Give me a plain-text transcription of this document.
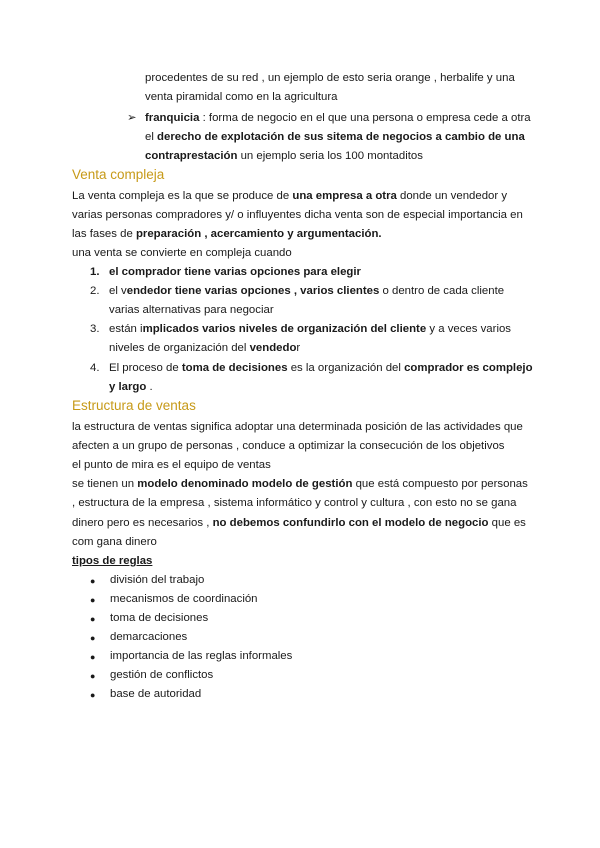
procedentes de su red , un ejemplo de esto seria orange , herbalife y una
venta piramidal como en la agricultura
➢ franquicia : forma de negocio en el que una persona o empresa cede a otra
el derecho de explotación de sus sitema de negocios a cambio de una
contraprestación un ejemplo seria los 100 montaditos
Venta compleja
La venta compleja es la que se produce de una empresa a otra donde un vendedor y
varias personas compradores y/ o influyentes dicha venta son de especial importancia en
las fases de preparación , acercamiento y argumentación.
una venta se convierte en compleja cuando
1. el comprador tiene varias opciones para elegir
2. el vendedor tiene varias opciones , varios clientes o dentro de cada cliente
varias alternativas para negociar
3. están implicados varios niveles de organización del cliente y a veces varios
niveles de organización del vendedor
4. El proceso de toma de decisiones es la organización del comprador es complejo
y largo .
Estructura de ventas
la estructura de ventas significa adoptar una determinada posición de las actividades que
afecten a un grupo de personas , conduce a optimizar la consecución de los objetivos
el punto de mira es el equipo de ventas
se tienen un modelo denominado modelo de gestión que está compuesto por personas
, estructura de la empresa , sistema informático y control y cultura , con esto no se gana
dinero pero es necesarios , no debemos confundirlo con el modelo de negocio que es
com gana dinero
tipos de reglas
● división del trabajo
● mecanismos de coordinación
● toma de decisiones
● demarcaciones
● importancia de las reglas informales
● gestión de conflictos
● base de autoridad
